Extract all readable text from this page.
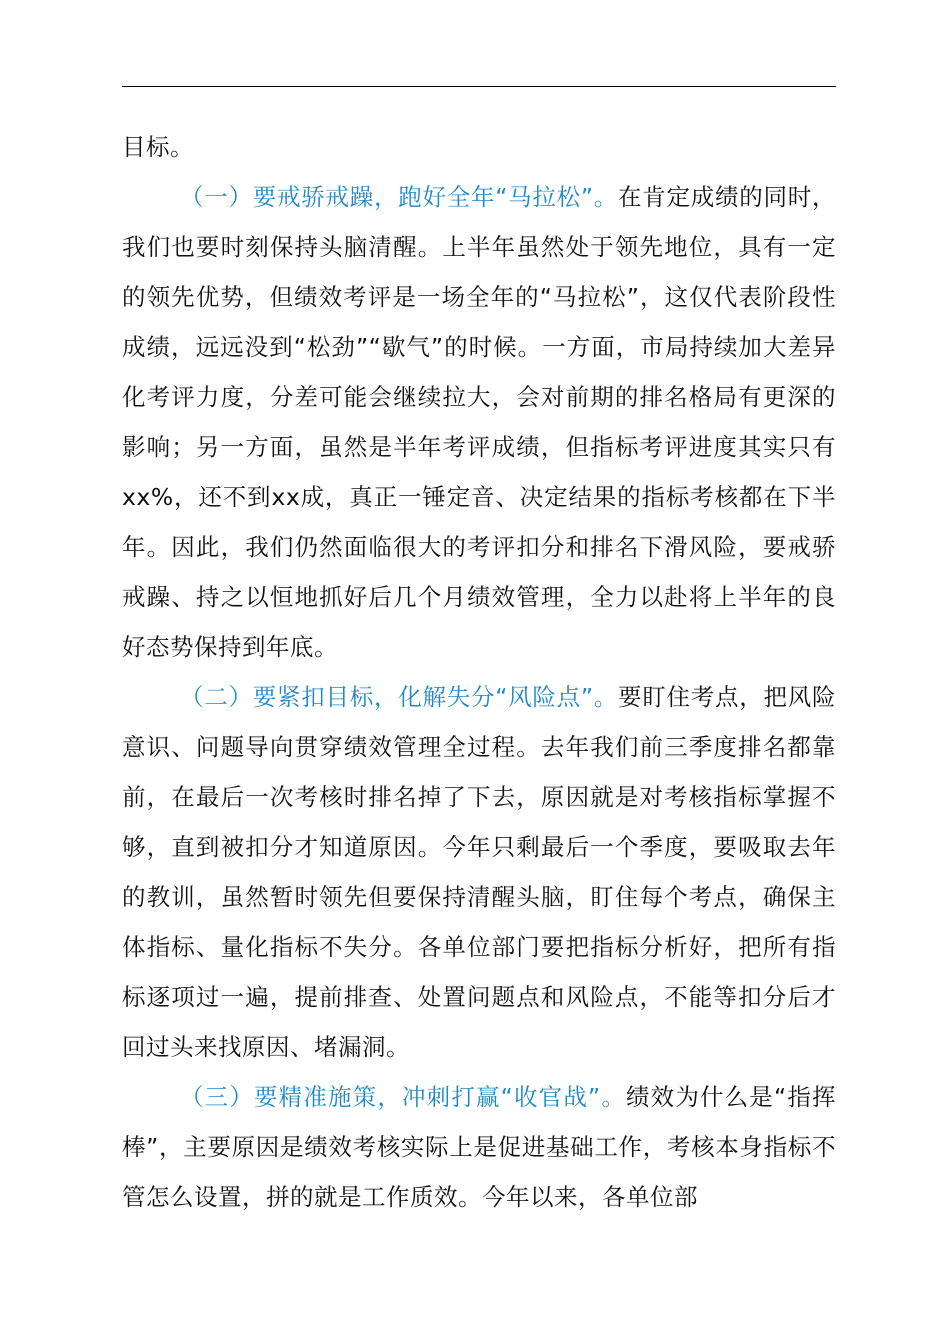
目标。

（一）要戒骄戒躁，跑好全年“马拉松”。在肯定成绩的同时，我们也要时刻保持头脑清醒。上半年虽然处于领先地位，具有一定的领先优势，但绩效考评是一场全年的“马拉松”，这仅代表阶段性成绩，远远没到“松劲”“歇气”的时候。一方面，市局持续加大差异化考评力度，分差可能会继续拉大，会对前期的排名格局有更深的影响；另一方面，虽然是半年考评成绩，但指标考评进度其实只有xx%，还不到xx成，真正一锤定音、决定结果的指标考核都在下半年。因此，我们仍然面临很大的考评扣分和排名下滑风险，要戒骄戒躁、持之以恒地抓好后几个月绩效管理，全力以赴将上半年的良好态势保持到年底。

（二）要紧扣目标，化解失分“风险点”。要盯住考点，把风险意识、问题导向贯穿绩效管理全过程。去年我们前三季度排名都靠前，在最后一次考核时排名掉了下去，原因就是对考核指标掌握不够，直到被扣分才知道原因。今年只剩最后一个季度，要吸取去年的教训，虽然暂时领先但要保持清醒头脑，盯住每个考点，确保主体指标、量化指标不失分。各单位部门要把指标分析好，把所有指标逐项过一遍，提前排查、处置问题点和风险点，不能等扣分后才回过头来找原因、堵漏洞。

（三）要精准施策，冲刺打赢“收官战”。绩效为什么是“指挥棒”，主要原因是绩效考核实际上是促进基础工作，考核本身指标不管怎么设置，拼的就是工作质效。今年以来，各单位部
